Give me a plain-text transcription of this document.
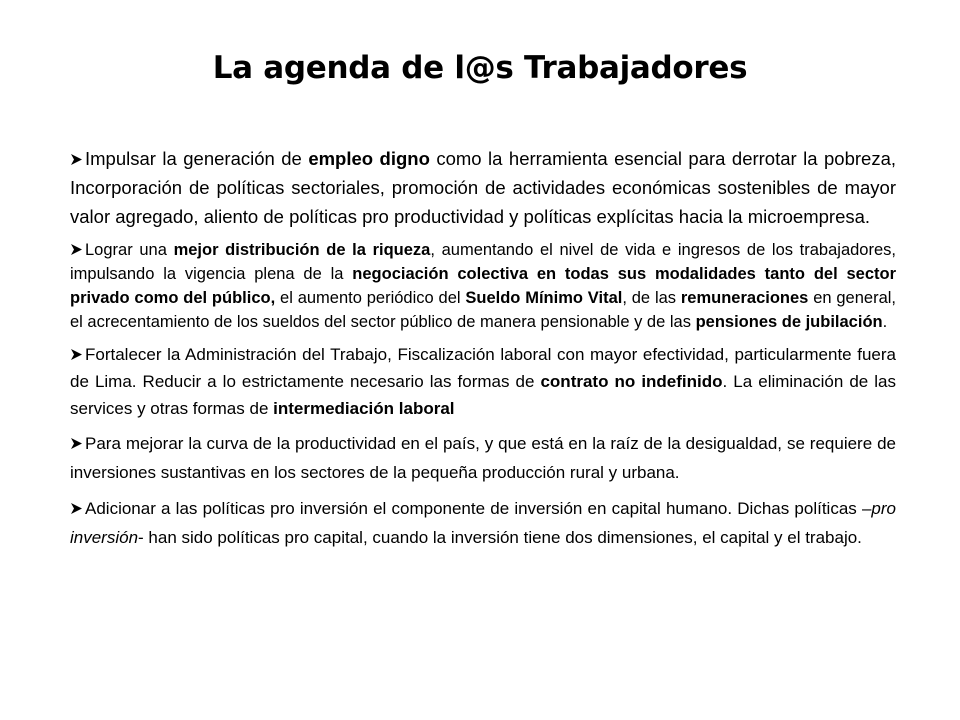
La agenda de l@s Trabajadores
Impulsar la generación de empleo digno como la herramienta esencial para derrotar la pobreza, Incorporación de políticas sectoriales, promoción de actividades económicas sostenibles de mayor valor agregado, aliento de políticas pro productividad y políticas explícitas hacia la microempresa.
Lograr una mejor distribución de la riqueza, aumentando el nivel de vida e ingresos de los trabajadores, impulsando la vigencia plena de la negociación colectiva en todas sus modalidades tanto del sector privado como del público, el aumento periódico del Sueldo Mínimo Vital, de las remuneraciones en general, el acrecentamiento de los sueldos del sector público de manera pensionable y de las pensiones de jubilación.
Fortalecer la Administración del Trabajo, Fiscalización laboral con mayor efectividad, particularmente fuera de Lima. Reducir a lo estrictamente necesario las formas de contrato no indefinido. La eliminación de las services y otras formas de intermediación laboral
Para mejorar la curva de la productividad en el país, y que está en la raíz de la desigualdad, se requiere de inversiones sustantivas en los sectores de la pequeña producción rural y urbana.
Adicionar a las políticas pro inversión el componente de inversión en capital humano. Dichas políticas –pro inversión- han sido políticas pro capital, cuando la inversión tiene dos dimensiones, el capital y el trabajo.
